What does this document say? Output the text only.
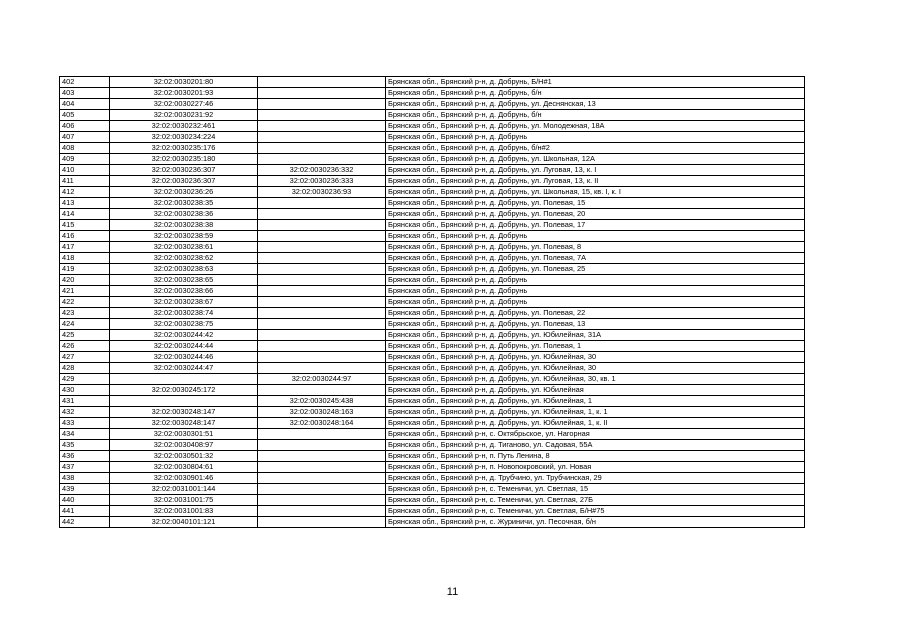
402	32:02:0030201:80		Брянская обл., Брянский р-н, д. Добрунь, Б/Н#1
403	32:02:0030201:93		Брянская обл., Брянский р-н, д. Добрунь, б/н
404	32:02:0030227:46		Брянская обл., Брянский р-н, д. Добрунь, ул. Деснянская, 13
405	32:02:0030231:92		Брянская обл., Брянский р-н, д. Добрунь, б/н
406	32:02:0030232:461		Брянская обл., Брянский р-н, д. Добрунь, ул. Молодежная, 18А
407	32:02:0030234:224		Брянская обл., Брянский р-н, д. Добрунь
408	32:02:0030235:176		Брянская обл., Брянский р-н, д. Добрунь, б/н#2
409	32:02:0030235:180		Брянская обл., Брянский р-н, д. Добрунь, ул. Школьная, 12А
410	32:02:0030236:307	32:02:0030236:332	Брянская обл., Брянский р-н, д. Добрунь, ул. Луговая, 13, к. I
411	32:02:0030236:307	32:02:0030236:333	Брянская обл., Брянский р-н, д. Добрунь, ул. Луговая, 13, к. II
412	32:02:0030236:26	32:02:0030236:93	Брянская обл., Брянский р-н, д. Добрунь, ул. Школьная, 15, кв. I, к. I
413	32:02:0030238:35		Брянская обл., Брянский р-н, д. Добрунь, ул. Полевая, 15
414	32:02:0030238:36		Брянская обл., Брянский р-н, д. Добрунь, ул. Полевая, 20
415	32:02:0030238:38		Брянская обл., Брянский р-н, д. Добрунь, ул. Полевая, 17
416	32:02:0030238:59		Брянская обл., Брянский р-н, д. Добрунь
417	32:02:0030238:61		Брянская обл., Брянский р-н, д. Добрунь, ул. Полевая, 8
418	32:02:0030238:62		Брянская обл., Брянский р-н, д. Добрунь, ул. Полевая, 7А
419	32:02:0030238:63		Брянская обл., Брянский р-н, д. Добрунь, ул. Полевая, 25
420	32:02:0030238:65		Брянская обл., Брянский р-н, д. Добрунь
421	32:02:0030238:66		Брянская обл., Брянский р-н, д. Добрунь
422	32:02:0030238:67		Брянская обл., Брянский р-н, д. Добрунь
423	32:02:0030238:74		Брянская обл., Брянский р-н, д. Добрунь, ул. Полевая, 22
424	32:02:0030238:75		Брянская обл., Брянский р-н, д. Добрунь, ул. Полевая, 13
425	32:02:0030244:42		Брянская обл., Брянский р-н, д. Добрунь, ул. Юбилейная, 31А
426	32:02:0030244:44		Брянская обл., Брянский р-н, д. Добрунь, ул. Полевая, 1
427	32:02:0030244:46		Брянская обл., Брянский р-н, д. Добрунь, ул. Юбилейная, 30
428	32:02:0030244:47		Брянская обл., Брянский р-н, д. Добрунь, ул. Юбилейная, 30
429		32:02:0030244:97	Брянская обл., Брянский р-н, д. Добрунь, ул. Юбилейная, 30, кв. 1
430	32:02:0030245:172		Брянская обл., Брянский р-н, д. Добрунь, ул. Юбилейная
431		32:02:0030245:438	Брянская обл., Брянский р-н, д. Добрунь, ул. Юбилейная, 1
432	32:02:0030248:147	32:02:0030248:163	Брянская обл., Брянский р-н, д. Добрунь, ул. Юбилейная, 1, к. 1
433	32:02:0030248:147	32:02:0030248:164	Брянская обл., Брянский р-н, д. Добрунь, ул. Юбилейная, 1, к. II
434	32:02:0030301:51		Брянская обл., Брянский р-н, с. Октябрьское, ул. Нагорная
435	32:02:0030408:97		Брянская обл., Брянский р-н, д. Тиганово, ул. Садовая, 55А
436	32:02:0030501:32		Брянская обл., Брянский р-н, п. Путь Ленина, 8
437	32:02:0030804:61		Брянская обл., Брянский р-н, п. Новопокровский, ул. Новая
438	32:02:0030901:46		Брянская обл., Брянский р-н, д. Трубчино, ул. Трубчинская, 29
439	32:02:0031001:144		Брянская обл., Брянский р-н, с. Теменичи, ул. Светлая, 15
440	32:02:0031001:75		Брянская обл., Брянский р-н, с. Теменичи, ул. Светлая, 27Б
441	32:02:0031001:83		Брянская обл., Брянский р-н, с. Теменичи, ул. Светлая, Б/Н#75
442	32:02:0040101:121		Брянская обл., Брянский р-н, с. Журиничи, ул. Песочная, б/н
11
